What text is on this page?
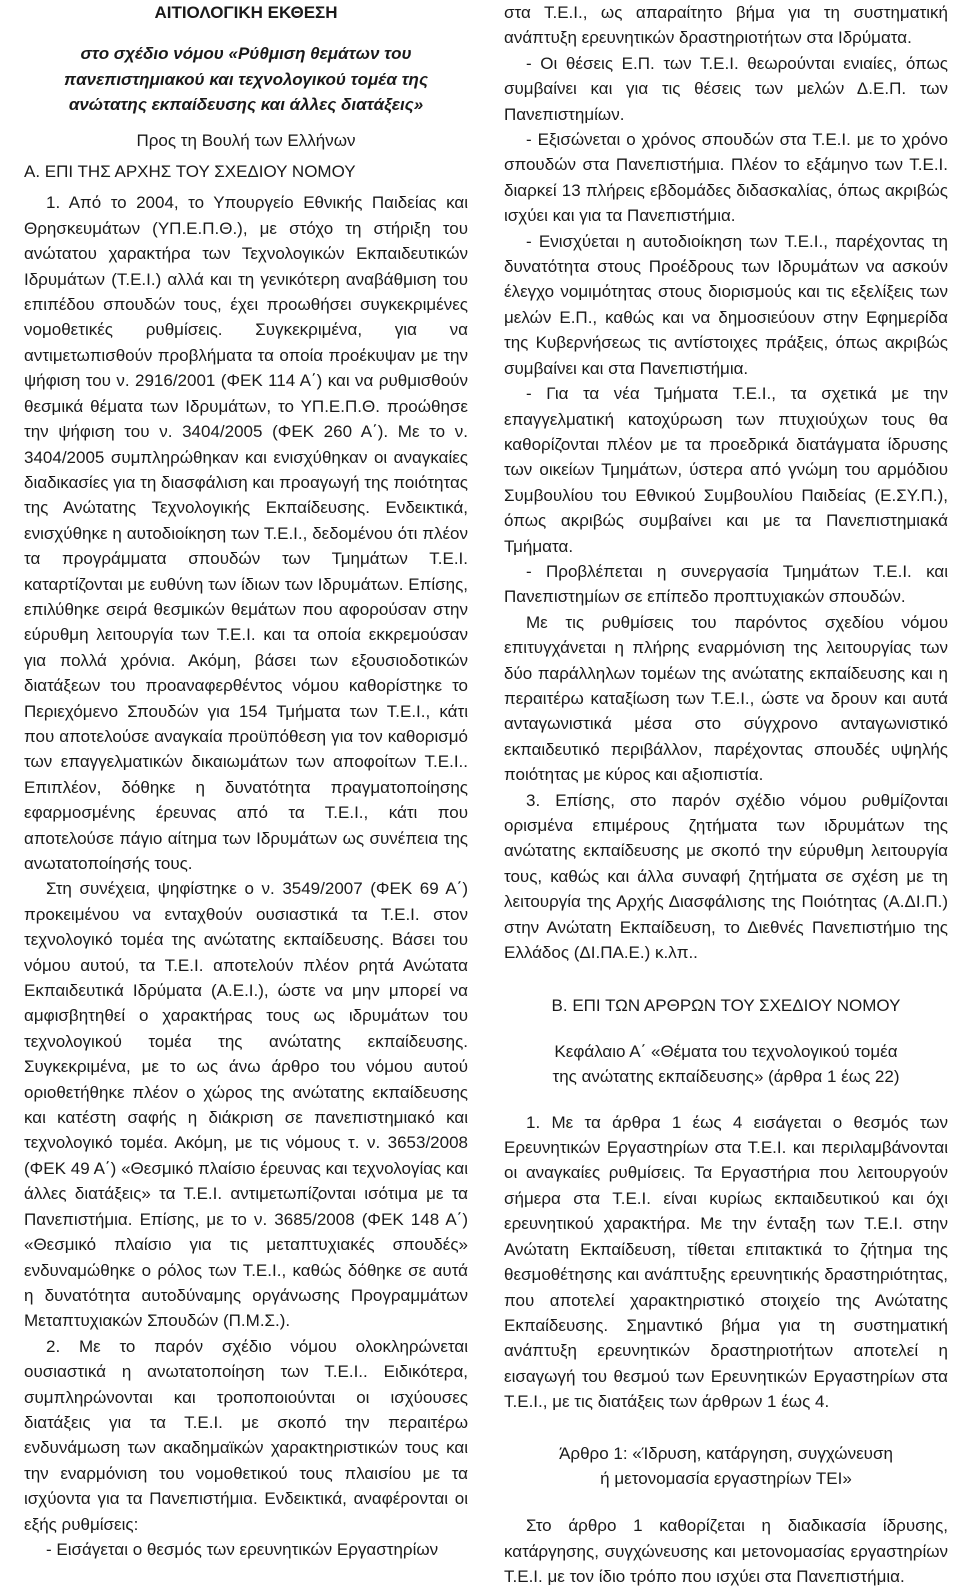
ΑΙΤΙΟΛΟΓΙΚΗ ΕΚΘΕΣΗ

στο σχέδιο νόμου «Ρύθμιση θεμάτων του πανεπιστημιακού και τεχνολογικού τομέα της ανώτατης εκπαίδευσης και άλλες διατάξεις»

Προς τη Βουλή των Ελλήνων

Α. ΕΠΙ ΤΗΣ ΑΡΧΗΣ ΤΟΥ ΣΧΕΔΙΟΥ ΝΟΜΟΥ

1. Από το 2004, το Υπουργείο Εθνικής Παιδείας και Θρησκευμάτων (ΥΠ.Ε.Π.Θ.), με στόχο τη στήριξη του ανώτατου χαρακτήρα των Τεχνολογικών Εκπαιδευτικών Ιδρυμάτων (Τ.Ε.Ι.) αλλά και τη γενικότερη αναβάθμιση του επιπέδου σπουδών τους, έχει προωθήσει συγκεκριμένες νομοθετικές ρυθμίσεις. Συγκεκριμένα, για να αντιμετωπισθούν προβλήματα τα οποία προέκυψαν με την ψήφιση του ν. 2916/2001 (ΦΕΚ 114 Α΄) και να ρυθμισθούν θεσμικά θέματα των Ιδρυμάτων, το ΥΠ.Ε.Π.Θ. προώθησε την ψήφιση του ν. 3404/2005 (ΦΕΚ 260 Α΄). Με το ν. 3404/2005 συμπληρώθηκαν και ενισχύθηκαν οι αναγκαίες διαδικασίες για τη διασφάλιση και προαγωγή της ποιότητας της Ανώτατης Τεχνολογικής Εκπαίδευσης. Ενδεικτικά, ενισχύθηκε η αυτοδιοίκηση των Τ.Ε.Ι., δεδομένου ότι πλέον τα προγράμματα σπουδών των Τμημάτων Τ.Ε.Ι. καταρτίζονται με ευθύνη των ίδιων των Ιδρυμάτων. Επίσης, επιλύθηκε σειρά θεσμικών θεμάτων που αφορούσαν στην εύρυθμη λειτουργία των Τ.Ε.Ι. και τα οποία εκκρεμούσαν για πολλά χρόνια. Ακόμη, βάσει των εξουσιοδοτικών διατάξεων του προαναφερθέντος νόμου καθορίστηκε το Περιεχόμενο Σπουδών για 154 Τμήματα των Τ.Ε.Ι., κάτι που αποτελούσε αναγκαία προϋπόθεση για τον καθορισμό των επαγγελματικών δικαιωμάτων των αποφοίτων Τ.Ε.Ι.. Επιπλέον, δόθηκε η δυνατότητα πραγματοποίησης εφαρμοσμένης έρευνας από τα Τ.Ε.Ι., κάτι που αποτελούσε πάγιο αίτημα των Ιδρυμάτων ως συνέπεια της ανωτατοποίησής τους.

Στη συνέχεια, ψηφίστηκε ο ν. 3549/2007 (ΦΕΚ 69 Α΄) προκειμένου να ενταχθούν ουσιαστικά τα Τ.Ε.Ι. στον τεχνολογικό τομέα της ανώτατης εκπαίδευσης. Βάσει του νόμου αυτού, τα Τ.Ε.Ι. αποτελούν πλέον ρητά Ανώτατα Εκπαιδευτικά Ιδρύματα (Α.Ε.Ι.), ώστε να μην μπορεί να αμφισβητηθεί ο χαρακτήρας τους ως ιδρυμάτων του τεχνολογικού τομέα της ανώτατης εκπαίδευσης. Συγκεκριμένα, με το ως άνω άρθρο του νόμου αυτού οριοθετήθηκε πλέον ο χώρος της ανώτατης εκπαίδευσης και κατέστη σαφής η διάκριση σε πανεπιστημιακό και τεχνολογικό τομέα. Ακόμη, με τις νόμους τ. ν. 3653/2008 (ΦΕΚ 49 Α΄) «Θεσμικό πλαίσιο έρευνας και τεχνολογίας και άλλες διατάξεις» τα Τ.Ε.Ι. αντιμετωπίζονται ισότιμα με τα Πανεπιστήμια. Επίσης, με το ν. 3685/2008 (ΦΕΚ 148 Α΄) «Θεσμικό πλαίσιο για τις μεταπτυχιακές σπουδές» ενδυναμώθηκε ο ρόλος των Τ.Ε.Ι., καθώς δόθηκε σε αυτά η δυνατότητα αυτοδύναμης οργάνωσης Προγραμμάτων Μεταπτυχιακών Σπουδών (Π.Μ.Σ.).

2. Με το παρόν σχέδιο νόμου ολοκληρώνεται ουσιαστικά η ανωτατοποίηση των Τ.Ε.Ι.. Ειδικότερα, συμπληρώνονται και τροποποιούνται οι ισχύουσες διατάξεις για τα Τ.Ε.Ι. με σκοπό την περαιτέρω ενδυνάμωση των ακαδημαϊκών χαρακτηριστικών τους και την εναρμόνιση του νομοθετικού τους πλαισίου με τα ισχύοντα για τα Πανεπιστήμια. Ενδεικτικά, αναφέρονται οι εξής ρυθμίσεις:

- Εισάγεται ο θεσμός των ερευνητικών Εργαστηρίων

στα Τ.Ε.Ι., ως απαραίτητο βήμα για τη συστηματική ανάπτυξη ερευνητικών δραστηριοτήτων στα Ιδρύματα.

- Οι θέσεις Ε.Π. των Τ.Ε.Ι. θεωρούνται ενιαίες, όπως συμβαίνει και για τις θέσεις των μελών Δ.Ε.Π. των Πανεπιστημίων.

- Εξισώνεται ο χρόνος σπουδών στα Τ.Ε.Ι. με το χρόνο σπουδών στα Πανεπιστήμια. Πλέον το εξάμηνο των Τ.Ε.Ι. διαρκεί 13 πλήρεις εβδομάδες διδασκαλίας, όπως ακριβώς ισχύει και για τα Πανεπιστήμια.

- Ενισχύεται η αυτοδιοίκηση των Τ.Ε.Ι., παρέχοντας τη δυνατότητα στους Προέδρους των Ιδρυμάτων να ασκούν έλεγχο νομιμότητας στους διορισμούς και τις εξελίξεις των μελών Ε.Π., καθώς και να δημοσιεύουν στην Εφημερίδα της Κυβερνήσεως τις αντίστοιχες πράξεις, όπως ακριβώς συμβαίνει και στα Πανεπιστήμια.

- Για τα νέα Τμήματα Τ.Ε.Ι., τα σχετικά με την επαγγελματική κατοχύρωση των πτυχιούχων τους θα καθορίζονται πλέον με τα προεδρικά διατάγματα ίδρυσης των οικείων Τμημάτων, ύστερα από γνώμη του αρμόδιου Συμβουλίου του Εθνικού Συμβουλίου Παιδείας (Ε.ΣΥ.Π.), όπως ακριβώς συμβαίνει και με τα Πανεπιστημιακά Τμήματα.

- Προβλέπεται η συνεργασία Τμημάτων Τ.Ε.Ι. και Πανεπιστημίων σε επίπεδο προπτυχιακών σπουδών.

Με τις ρυθμίσεις του παρόντος σχεδίου νόμου επιτυγχάνεται η πλήρης εναρμόνιση της λειτουργίας των δύο παράλληλων τομέων της ανώτατης εκπαίδευσης και η περαιτέρω καταξίωση των Τ.Ε.Ι., ώστε να δρουν και αυτά ανταγωνιστικά μέσα στο σύγχρονο ανταγωνιστικό εκπαιδευτικό περιβάλλον, παρέχοντας σπουδές υψηλής ποιότητας με κύρος και αξιοπιστία.

3. Επίσης, στο παρόν σχέδιο νόμου ρυθμίζονται ορισμένα επιμέρους ζητήματα των ιδρυμάτων της ανώτατης εκπαίδευσης με σκοπό την εύρυθμη λειτουργία τους, καθώς και άλλα συναφή ζητήματα σε σχέση με τη λειτουργία της Αρχής Διασφάλισης της Ποιότητας (Α.ΔΙ.Π.) στην Ανώτατη Εκπαίδευση, το Διεθνές Πανεπιστήμιο της Ελλάδος (ΔΙ.ΠΑ.Ε.) κ.λπ..

Β. ΕΠΙ ΤΩΝ ΑΡΘΡΩΝ ΤΟΥ ΣΧΕΔΙΟΥ ΝΟΜΟΥ

Κεφάλαιο Α΄ «Θέματα του τεχνολογικού τομέα
της ανώτατης εκπαίδευσης» (άρθρα 1 έως 22)

1. Με τα άρθρα 1 έως 4 εισάγεται ο θεσμός των Ερευνητικών Εργαστηρίων στα Τ.Ε.Ι. και περιλαμβάνονται οι αναγκαίες ρυθμίσεις. Τα Εργαστήρια που λειτουργούν σήμερα στα Τ.Ε.Ι. είναι κυρίως εκπαιδευτικού και όχι ερευνητικού χαρακτήρα. Με την ένταξη των Τ.Ε.Ι. στην Ανώτατη Εκπαίδευση, τίθεται επιτακτικά το ζήτημα της θεσμοθέτησης και ανάπτυξης ερευνητικής δραστηριότητας, που αποτελεί χαρακτηριστικό στοιχείο της Ανώτατης Εκπαίδευσης. Σημαντικό βήμα για τη συστηματική ανάπτυξη ερευνητικών δραστηριοτήτων αποτελεί η εισαγωγή του θεσμού των Ερευνητικών Εργαστηρίων στα Τ.Ε.Ι., με τις διατάξεις των άρθρων 1 έως 4.

Άρθρο 1: «Ίδρυση, κατάργηση, συγχώνευση
ή μετονομασία εργαστηρίων ΤΕΙ»

Στο άρθρο 1 καθορίζεται η διαδικασία ίδρυσης, κατάργησης, συγχώνευσης και μετονομασίας εργαστηρίων Τ.Ε.Ι. με τον ίδιο τρόπο που ισχύει στα Πανεπιστήμια.
